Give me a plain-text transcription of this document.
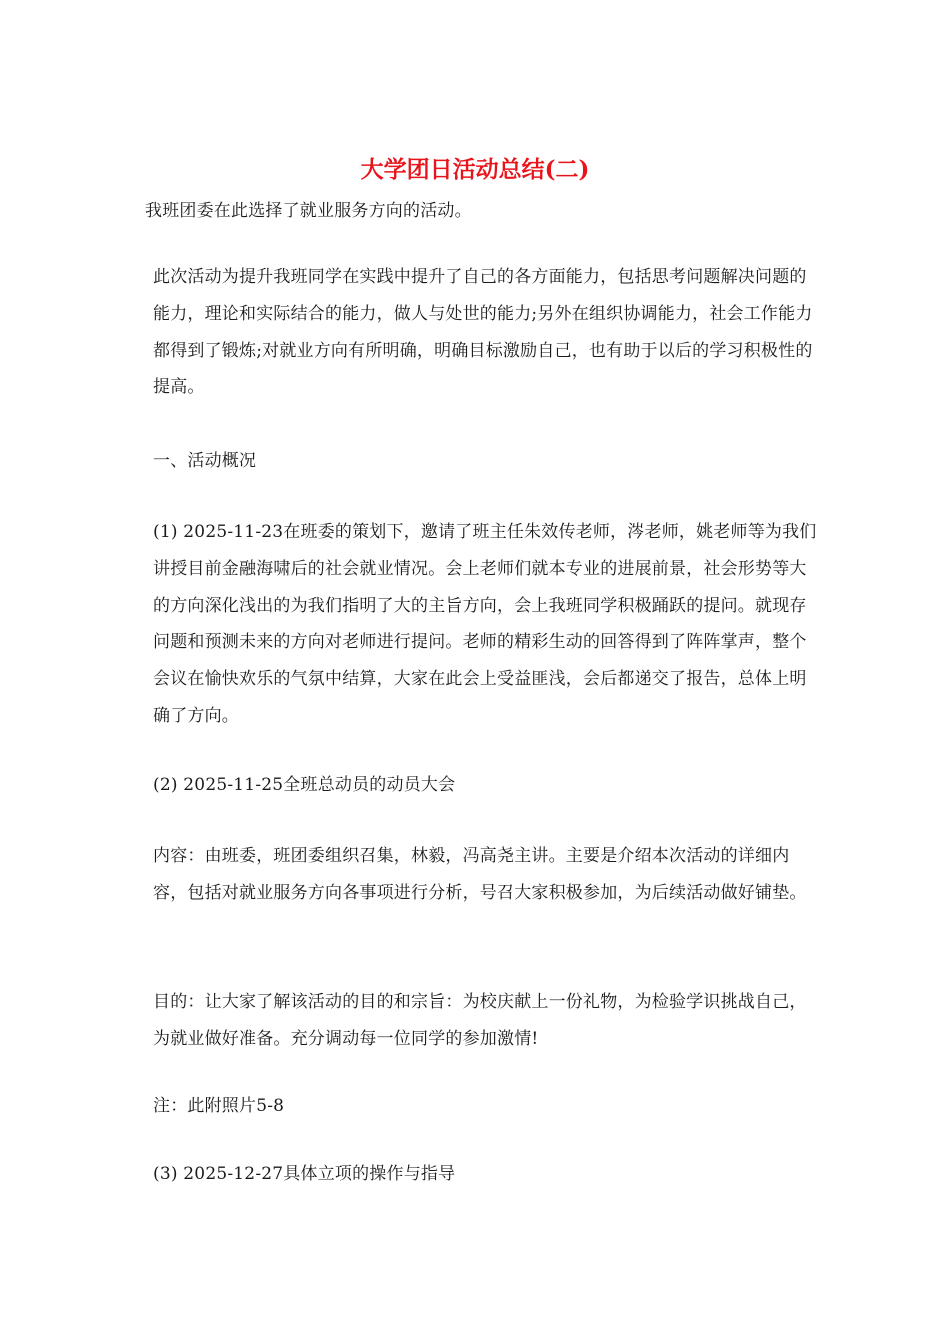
大学团日活动总结(二)

我班团委在此选择了就业服务方向的活动。

此次活动为提升我班同学在实践中提升了自己的各方面能力，包括思考问题解决问题的能力，理论和实际结合的能力，做人与处世的能力;另外在组织协调能力，社会工作能力都得到了锻炼;对就业方向有所明确，明确目标激励自己，也有助于以后的学习积极性的提高。

一、活动概况

(1) 2025-11-23在班委的策划下，邀请了班主任朱效传老师，涔老师，姚老师等为我们讲授目前金融海啸后的社会就业情况。会上老师们就本专业的进展前景，社会形势等大的方向深化浅出的为我们指明了大的主旨方向，会上我班同学积极踊跃的提问。就现存问题和预测未来的方向对老师进行提问。老师的精彩生动的回答得到了阵阵掌声，整个会议在愉快欢乐的气氛中结算，大家在此会上受益匪浅，会后都递交了报告，总体上明确了方向。

(2) 2025-11-25全班总动员的动员大会

内容：由班委，班团委组织召集，林毅，冯高尧主讲。主要是介绍本次活动的详细内容，包括对就业服务方向各事项进行分析，号召大家积极参加，为后续活动做好铺垫。

目的：让大家了解该活动的目的和宗旨：为校庆献上一份礼物，为检验学识挑战自己，为就业做好准备。充分调动每一位同学的参加激情!

注：此附照片5-8

(3) 2025-12-27具体立项的操作与指导
